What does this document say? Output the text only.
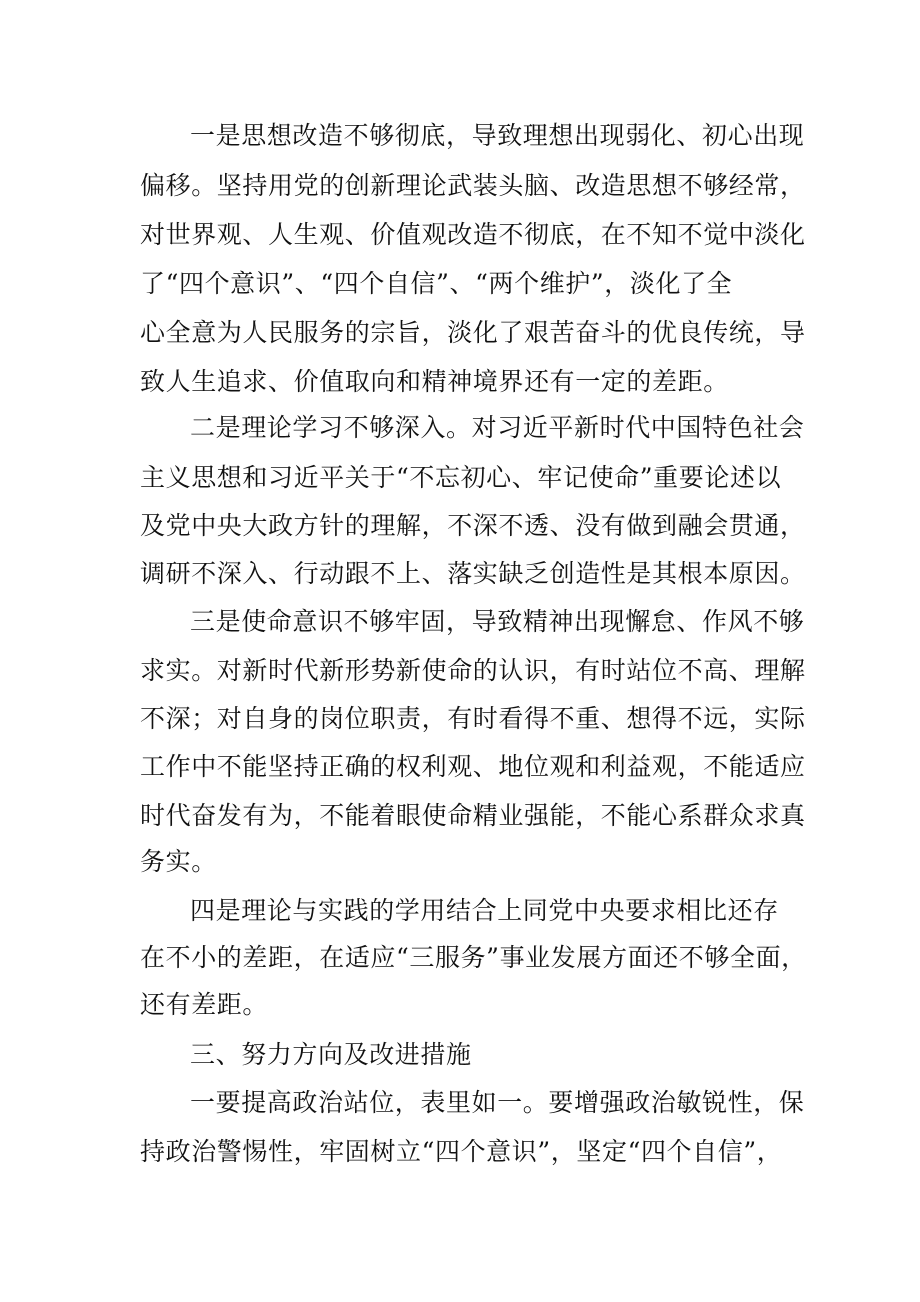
一是思想改造不够彻底，导致理想出现弱化、初心出现
偏移。坚持用党的创新理论武装头脑、改造思想不够经常，
对世界观、人生观、价值观改造不彻底，在不知不觉中淡化
了“四个意识”、“四个自信”、“两个维护”，淡化了全
心全意为人民服务的宗旨，淡化了艰苦奋斗的优良传统，导
致人生追求、价值取向和精神境界还有一定的差距。
二是理论学习不够深入。对习近平新时代中国特色社会
主义思想和习近平关于“不忘初心、牢记使命”重要论述以
及党中央大政方针的理解，不深不透、没有做到融会贯通，
调研不深入、行动跟不上、落实缺乏创造性是其根本原因。
三是使命意识不够牢固，导致精神出现懈怠、作风不够
求实。对新时代新形势新使命的认识，有时站位不高、理解
不深；对自身的岗位职责，有时看得不重、想得不远，实际
工作中不能坚持正确的权利观、地位观和利益观，不能适应
时代奋发有为，不能着眼使命精业强能，不能心系群众求真
务实。
四是理论与实践的学用结合上同党中央要求相比还存
在不小的差距，在适应“三服务”事业发展方面还不够全面，
还有差距。
三、努力方向及改进措施
一要提高政治站位，表里如一。要增强政治敏锐性，保
持政治警惕性，牢固树立“四个意识”，坚定“四个自信”，
